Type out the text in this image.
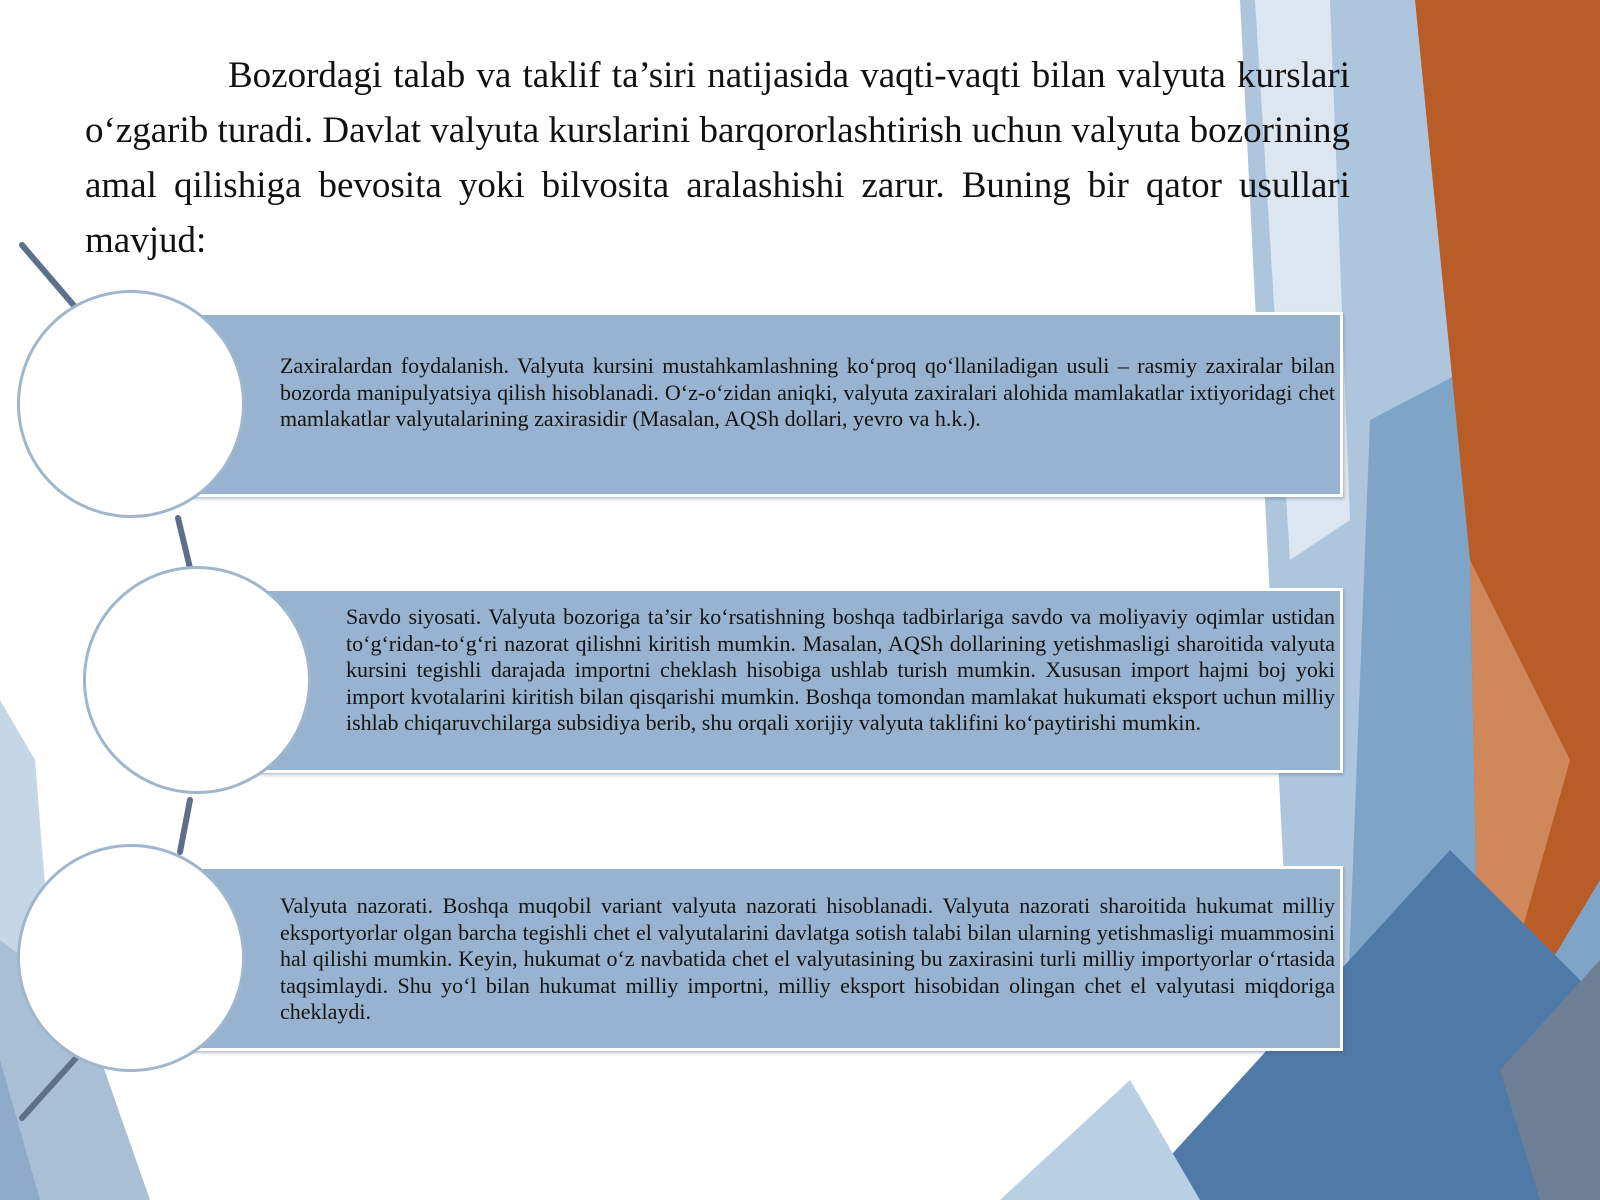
Bozordagi talab va taklif ta’siri natijasida vaqti-vaqti bilan valyuta kurslari o‘zgarib turadi. Davlat valyuta kurslarini barqororlashtirish uchun valyuta bozorining amal qilishiga bevosita yoki bilvosita aralashishi zarur. Buning bir qator usullari mavjud:

Zaxiralardan foydalanish. Valyuta kursini mustahkamlashning ko‘proq qo‘llaniladigan usuli – rasmiy zaxiralar bilan bozorda manipulyatsiya qilish hisoblanadi. O‘z-o‘zidan aniqki, valyuta zaxiralari alohida mamlakatlar ixtiyoridagi chet mamlakatlar valyutalarining zaxirasidir (Masalan, AQSh dollari, yevro va h.k.).

Savdo siyosati. Valyuta bozoriga ta’sir ko‘rsatishning boshqa tadbirlariga savdo va moliyaviy oqimlar ustidan to‘g‘ridan-to‘g‘ri nazorat qilishni kiritish mumkin. Masalan, AQSh dollarining yetishmasligi sharoitida valyuta kursini tegishli darajada importni cheklash hisobiga ushlab turish mumkin. Xususan import hajmi boj yoki import kvotalarini kiritish bilan qisqarishi mumkin. Boshqa tomondan mamlakat hukumati eksport uchun milliy ishlab chiqaruvchilarga subsidiya berib, shu orqali xorijiy valyuta taklifini ko‘paytirishi mumkin.

Valyuta nazorati. Boshqa muqobil variant valyuta nazorati hisoblanadi. Valyuta nazorati sharoitida hukumat milliy eksportyorlar olgan barcha tegishli chet el valyutalarini davlatga sotish talabi bilan ularning yetishmasligi muammosini hal qilishi mumkin. Keyin, hukumat o‘z navbatida chet el valyutasining bu zaxirasini turli milliy importyorlar o‘rtasida taqsimlaydi. Shu yo‘l bilan hukumat milliy importni, milliy eksport hisobidan olingan chet el valyutasi miqdoriga cheklaydi.
